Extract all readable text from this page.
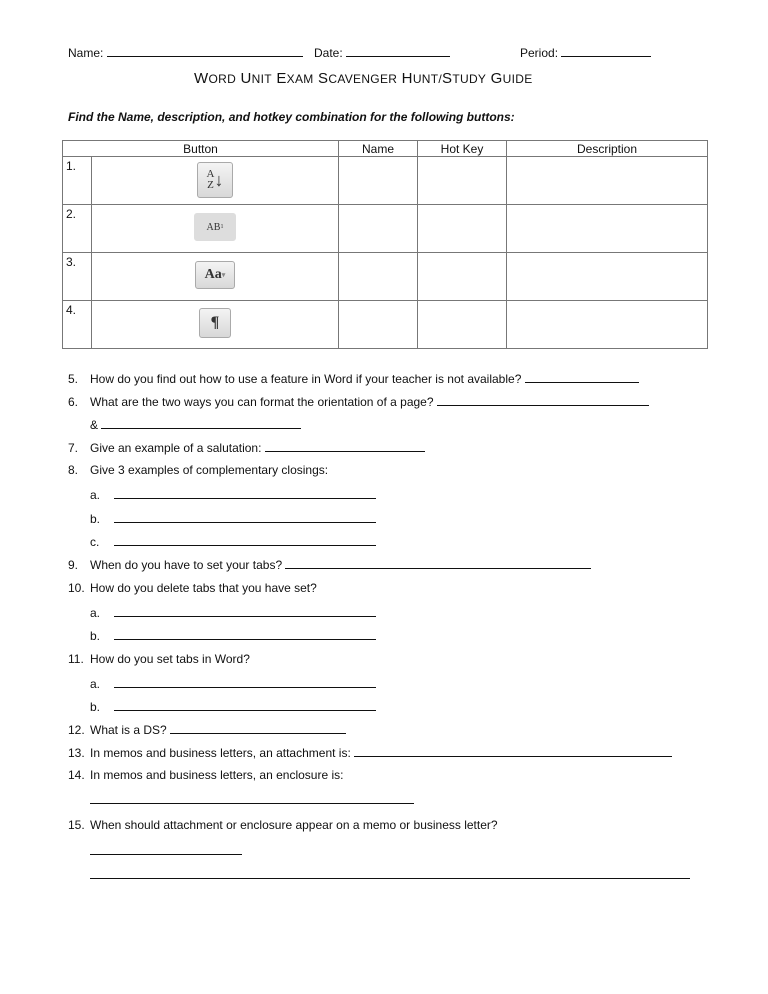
Name:	Date:	Period:
WORD UNIT EXAM SCAVENGER HUNT/STUDY GUIDE
Find the Name, description, and hotkey combination for the following buttons:
Button		Name	Hot Key	Description
1.	A
Z ↓			

2.	AB 1			

3.	Aa ▾			

4.	¶			

5. How do you find out how to use a feature in Word if your teacher is not available?
6. What are the two ways you can format the orientation of a page?
&
7. Give an example of a salutation:
8. Give 3 examples of complementary closings:
a.
b.
c.
9. When do you have to set your tabs?
10. How do you delete tabs that you have set?
a.
b.
11. How do you set tabs in Word?
a.
b.
12. What is a DS?
13. In memos and business letters, an attachment is:
14. In memos and business letters, an enclosure is:
15. When should attachment or enclosure appear on a memo or business letter?
